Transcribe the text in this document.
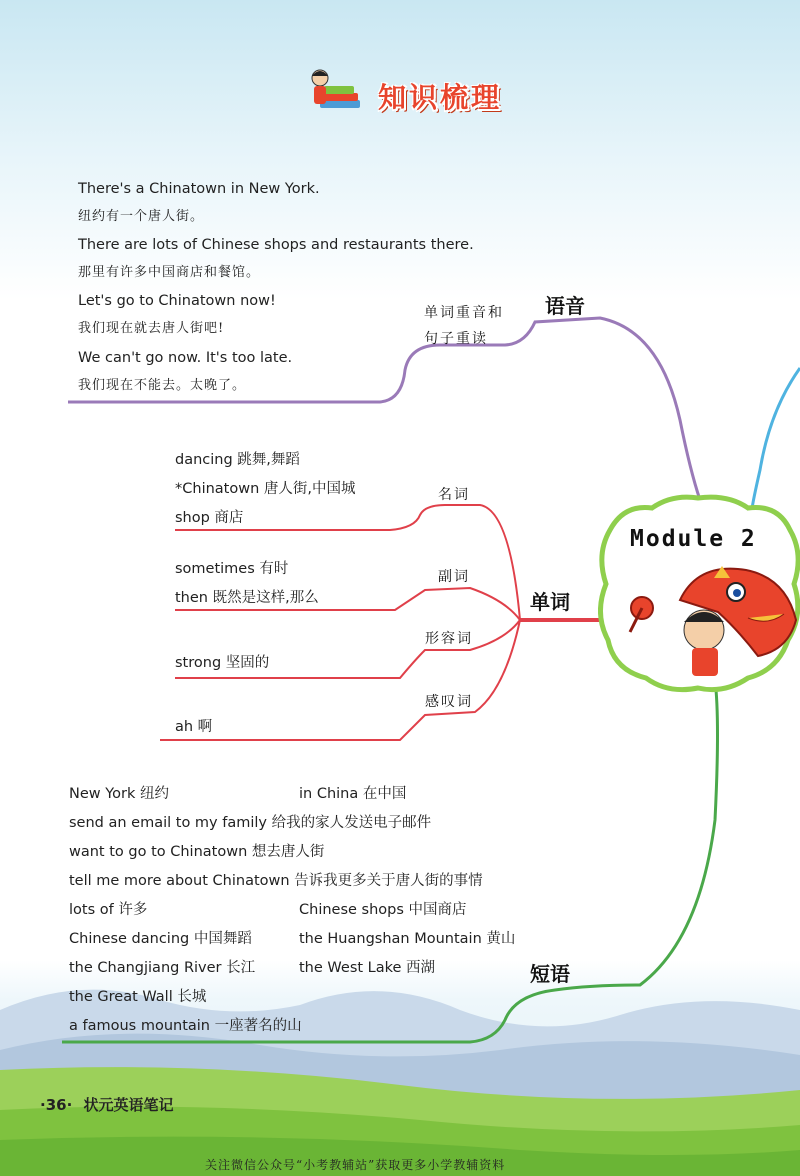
知识梳理
语音
单词重音和
句子重读
There's a Chinatown in New York.
纽约有一个唐人街。
There are lots of Chinese shops and restaurants there.
那里有许多中国商店和餐馆。
Let's go to Chinatown now!
我们现在就去唐人街吧!
We can't go now. It's too late.
我们现在不能去。太晚了。
Module 2
单词
名词
dancing 跳舞,舞蹈
*Chinatown 唐人街,中国城
shop 商店
副词
sometimes 有时
then 既然是这样,那么
形容词
strong 坚固的
感叹词
ah 啊
短语
New York 纽约
send an email to my family 给我的家人发送电子邮件
want to go to Chinatown 想去唐人街
tell me more about Chinatown 告诉我更多关于唐人街的事情
lots of 许多
Chinese dancing 中国舞蹈
the Changjiang River 长江
the Great Wall 长城
a famous mountain 一座著名的山
in China 在中国
Chinese shops 中国商店
the Huangshan Mountain 黄山
the West Lake 西湖
·36· 状元英语笔记
关注微信公众号“小考教辅站”获取更多小学教辅资料
